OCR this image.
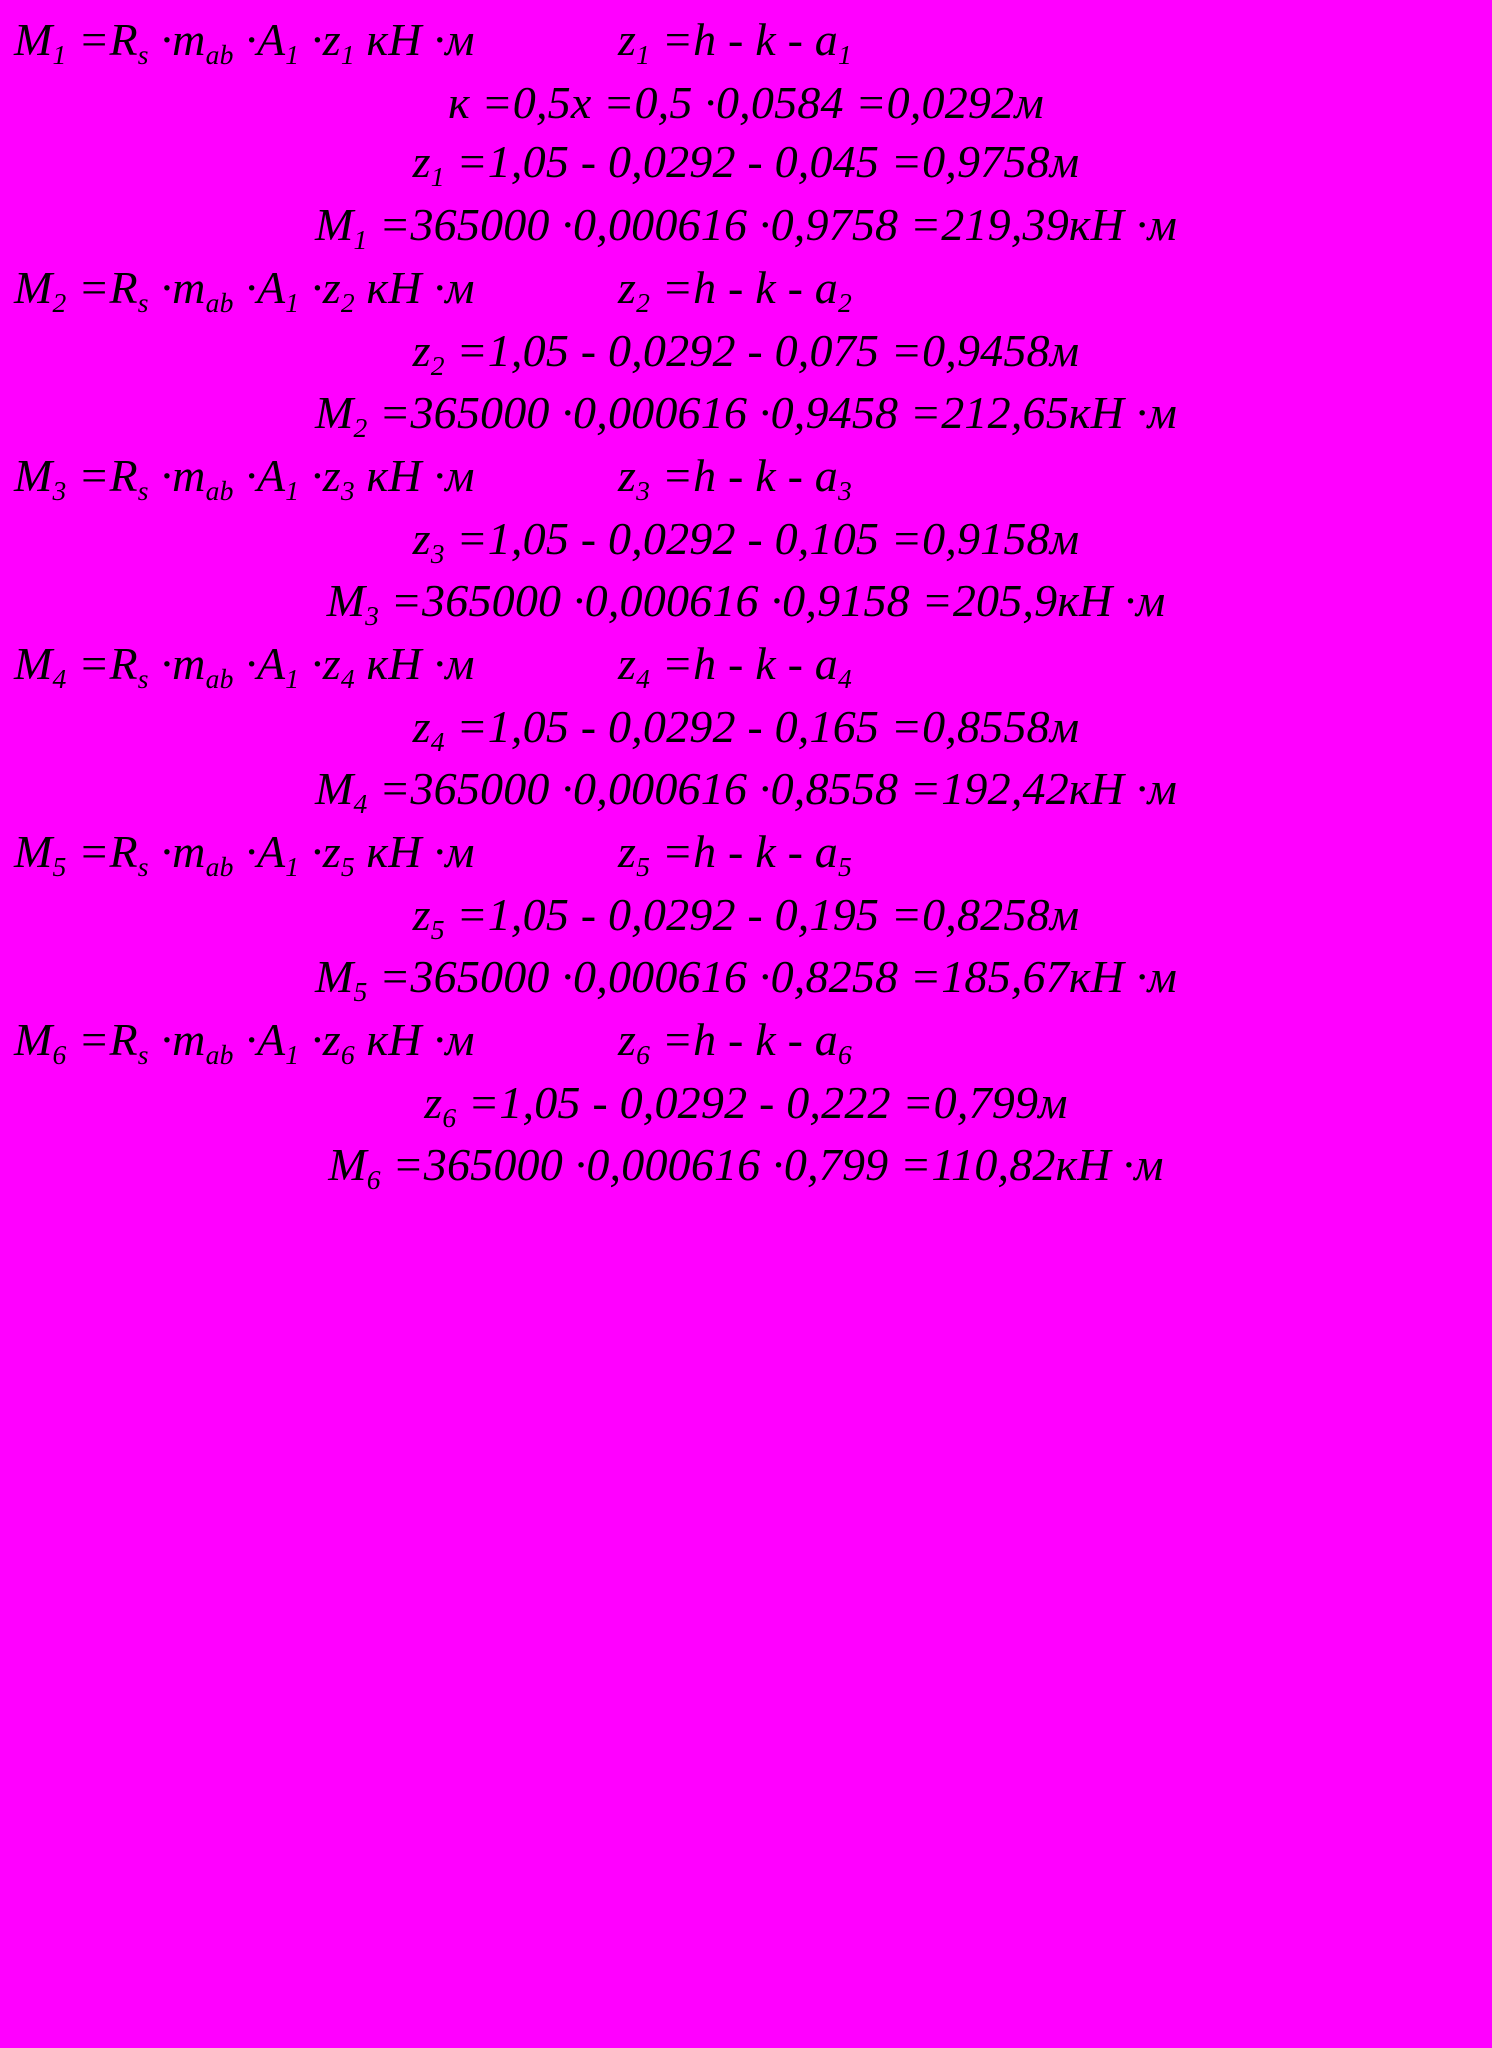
$M_1 =R_s \cdot m_{ab} \cdot A_1 \cdot z_1$ кН ·м	$z_1 =h - k - a_1$
к =0,5x =0,5 ·0,0584 =0,0292м
$z_1 =1,05 - 0,0292 - 0,045 =0,9758м$
$M_1 =365000 \cdot 0,000616 \cdot 0,9758 =219,39кН \cdot м$
$M_2 =R_s \cdot m_{ab} \cdot A_1 \cdot z_2$ кН ·м	$z_2 =h - k - a_2$
$z_2 =1,05 - 0,0292 - 0,075 =0,9458м$
$M_2 =365000 \cdot 0,000616 \cdot 0,9458 =212,65кН \cdot м$
$M_3 =R_s \cdot m_{ab} \cdot A_1 \cdot z_3$ кН ·м	$z_3 =h - k - a_3$
$z_3 =1,05 - 0,0292 - 0,105 =0,9158м$
$M_3 =365000 \cdot 0,000616 \cdot 0,9158 =205,9кН \cdot м$
$M_4 =R_s \cdot m_{ab} \cdot A_1 \cdot z_4$ кН ·м	$z_4 =h - k - a_4$
$z_4 =1,05 - 0,0292 - 0,165 =0,8558м$
$M_4 =365000 \cdot 0,000616 \cdot 0,8558 =192,42кН \cdot м$
$M_5 =R_s \cdot m_{ab} \cdot A_1 \cdot z_5$ кН ·м	$z_5 =h - k - a_5$
$z_5 =1,05 - 0,0292 - 0,195 =0,8258м$
$M_5 =365000 \cdot 0,000616 \cdot 0,8258 =185,67кН \cdot м$
$M_6 =R_s \cdot m_{ab} \cdot A_1 \cdot z_6$ кН ·м	$z_6 =h - k - a_6$
$z_6 =1,05 - 0,0292 - 0,222 =0,799м$
$M_6 =365000 \cdot 0,000616 \cdot 0,799 =110,82кН \cdot м$
